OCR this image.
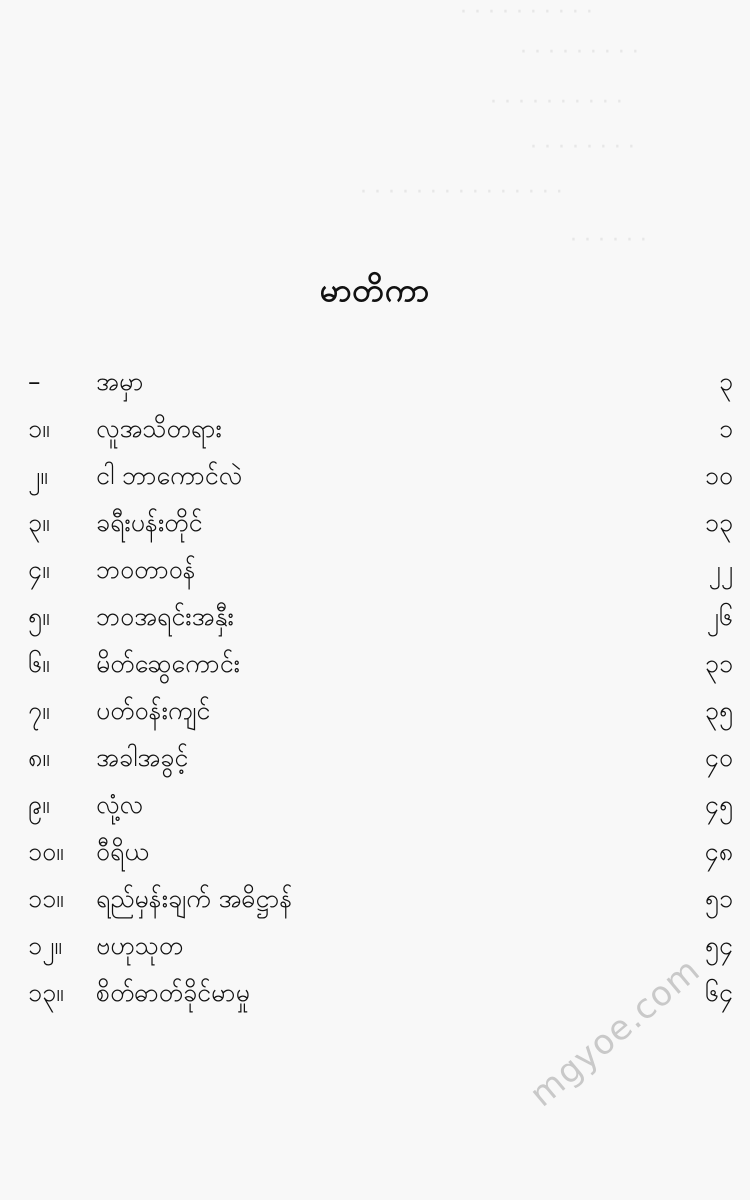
· · · · · · · · · ·
· · · · · · · · ·
· · · · · · · · · ·
· · · · · · · ·
· · · · · · · · · · · · · · ·
· · · · · ·
မာတိကာ
–	အမှာ	၃
၁။	လူအသိတရား	၁
၂။	ငါ ဘာကောင်လဲ	၁၀
၃။	ခရီးပန်းတိုင်	၁၃
၄။	ဘဝတာဝန်	၂၂
၅။	ဘဝအရင်းအနှီး	၂၆
၆။	မိတ်ဆွေကောင်း	၃၁
၇။	ပတ်ဝန်းကျင်	၃၅
၈။	အခါအခွင့်	၄၀
၉။	လုံ့လ	၄၅
၁၀။	ဝီရိယ	၄၈
၁၁။	ရည်မှန်းချက် အဓိဋ္ဌာန်	၅၁
၁၂။	ဗဟုသုတ	၅၄
၁၃။	စိတ်ဓာတ်ခိုင်မာမှု	၆၄
mgyoe.com
